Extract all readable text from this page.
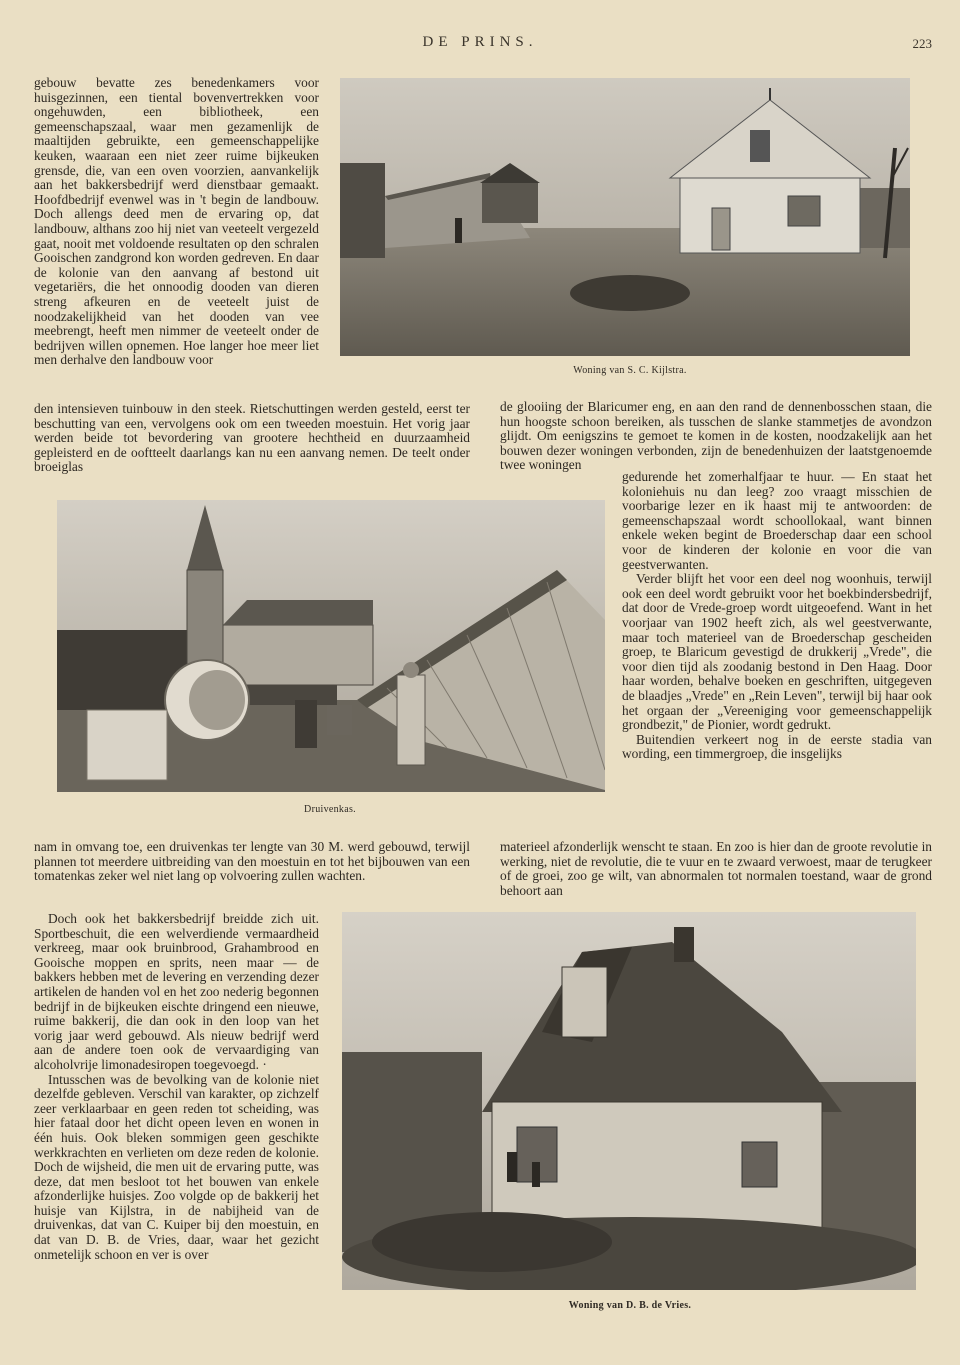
DE PRINS.	223

gebouw bevatte zes benedenkamers voor huisgezinnen, een tiental bovenvertrekken voor ongehuwden, een bibliotheek, een gemeenschapszaal, waar men gezamenlijk de maaltijden gebruikte, een gemeenschappelijke keuken, waaraan een niet zeer ruime bijkeuken grensde, die, van een oven voorzien, aanvankelijk aan het bakkersbedrijf werd dienstbaar gemaakt. Hoofdbedrijf evenwel was in 't begin de landbouw. Doch allengs deed men de ervaring op, dat landbouw, althans zoo hij niet van veeteelt vergezeld gaat, nooit met voldoende resultaten op den schralen Gooischen zandgrond kon worden gedreven. En daar de kolonie van den aanvang af bestond uit vegetariërs, die het onnoodig dooden van dieren streng afkeuren en de veeteelt juist de noodzakelijkheid van het dooden van vee meebrengt, heeft men nimmer de veeteelt onder de bedrijven willen opnemen. Hoe langer hoe meer liet men derhalve den landbouw voor

Woning van S. C. Kijlstra.

den intensieven tuinbouw in den steek. Rietschuttingen werden gesteld, eerst ter beschutting van een, vervolgens ook om een tweeden moestuin. Het vorig jaar werden beide tot bevordering van grootere hechtheid en duurzaamheid gepleisterd en de ooftteelt daarlangs kan nu een aanvang nemen. De teelt onder broeiglas

de glooiing der Blaricumer eng, en aan den rand de dennenbosschen staan, die hun hoogste schoon bereiken, als tusschen de slanke stammetjes de avondzon glijdt. Om eenigszins te gemoet te komen in de kosten, noodzakelijk aan het bouwen dezer woningen verbonden, zijn de benedenhuizen der laatstgenoemde twee woningen

Druivenkas.

gedurende het zomerhalfjaar te huur. — En staat het koloniehuis nu dan leeg? zoo vraagt misschien de voorbarige lezer en ik haast mij te antwoorden: de gemeenschapszaal wordt schoollokaal, want binnen enkele weken begint de Broederschap daar een school voor de kinderen der kolonie en voor die van geestverwanten.

Verder blijft het voor een deel nog woonhuis, terwijl ook een deel wordt gebruikt voor het boekbindersbedrijf, dat door de Vrede-groep wordt uitgeoefend. Want in het voorjaar van 1902 heeft zich, als wel geestverwante, maar toch materieel van de Broederschap gescheiden groep, te Blaricum gevestigd de drukkerij „Vrede", die voor dien tijd als zoodanig bestond in Den Haag. Door haar worden, behalve boeken en geschriften, uitgegeven de blaadjes „Vrede" en „Rein Leven", terwijl bij haar ook het orgaan der „Vereeniging voor gemeenschappelijk grondbezit," de Pionier, wordt gedrukt.

Buitendien verkeert nog in de eerste stadia van wording, een timmergroep, die insgelijks

nam in omvang toe, een druivenkas ter lengte van 30 M. werd gebouwd, terwijl plannen tot meerdere uitbreiding van den moestuin en tot het bijbouwen van een tomatenkas zeker wel niet lang op volvoering zullen wachten.

materieel afzonderlijk wenscht te staan. En zoo is hier dan de groote revolutie in werking, niet de revolutie, die te vuur en te zwaard verwoest, maar de terugkeer of de groei, zoo ge wilt, van abnormalen tot normalen toestand, waar de grond behoort aan

Doch ook het bakkersbedrijf breidde zich uit. Sportbeschuit, die een welverdiende vermaardheid verkreeg, maar ook bruinbrood, Grahambrood en Gooische moppen en sprits, neen maar — de bakkers hebben met de levering en verzending dezer artikelen de handen vol en het zoo nederig begonnen bedrijf in de bijkeuken eischte dringend een nieuwe, ruime bakkerij, die dan ook in den loop van het vorig jaar werd gebouwd. Als nieuw bedrijf werd aan de andere toen ook de vervaardiging van alcoholvrije limonadesiropen toegevoegd. ·

Intusschen was de bevolking van de kolonie niet dezelfde gebleven. Verschil van karakter, op zichzelf zeer verklaarbaar en geen reden tot scheiding, was hier fataal door het dicht opeen leven en wonen in één huis. Ook bleken sommigen geen geschikte werkkrachten en verlieten om deze reden de kolonie. Doch de wijsheid, die men uit de ervaring putte, was deze, dat men besloot tot het bouwen van enkele afzonderlijke huisjes. Zoo volgde op de bakkerij het huisje van Kijlstra, in de nabijheid van de druivenkas, dat van C. Kuiper bij den moestuin, en dat van D. B. de Vries, daar, waar het gezicht onmetelijk schoon en ver is over

Woning van D. B. de Vries.
